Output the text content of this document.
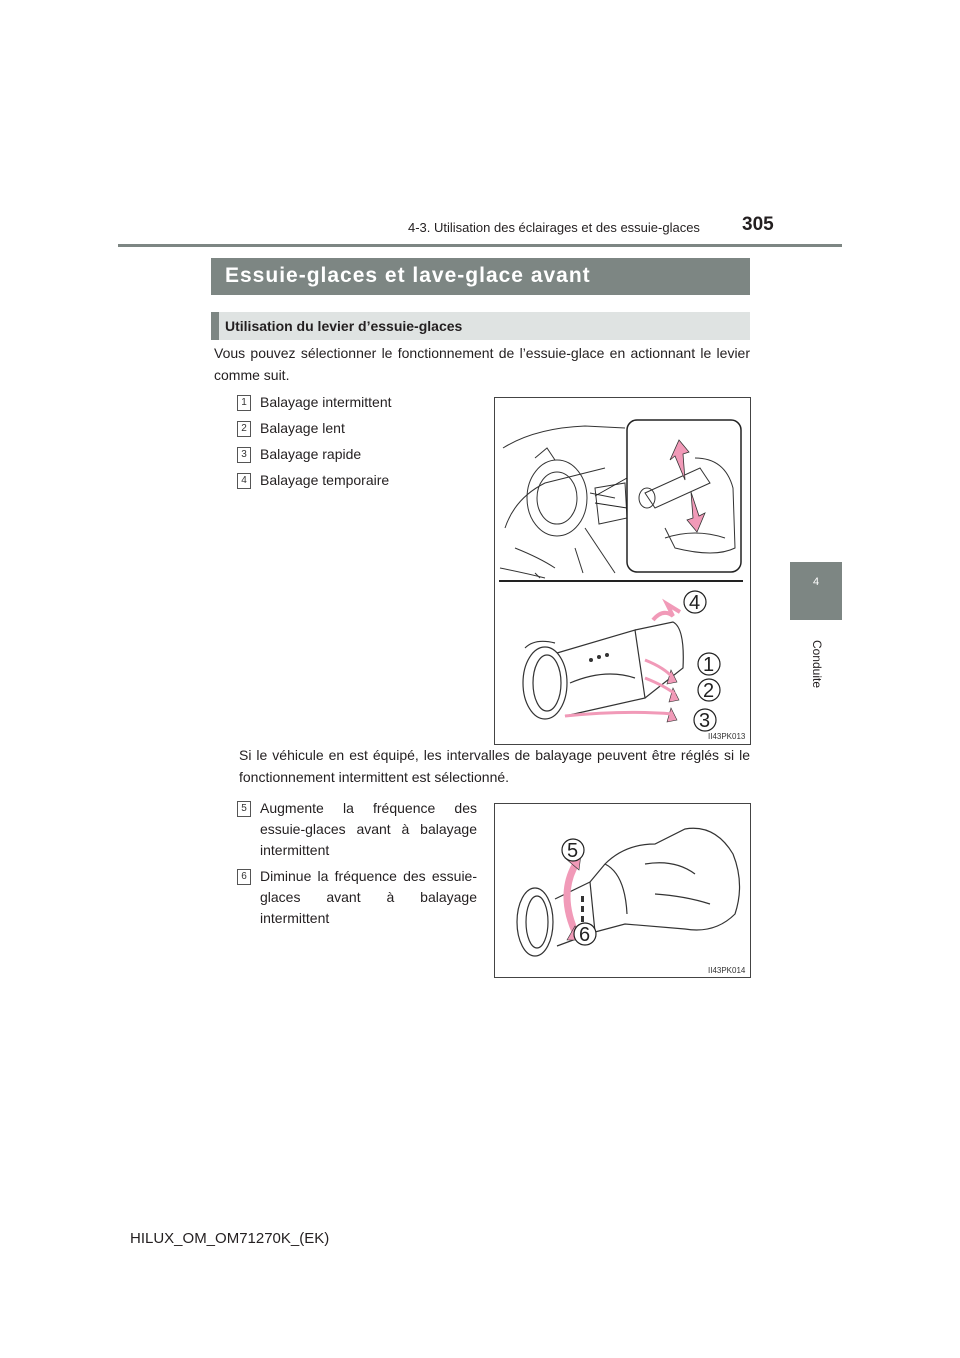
4-3. Utilisation des éclairages et des essuie-glaces 305
4
Conduite
Essuie-glaces et lave-glace avant
Utilisation du levier d’essuie-glaces
Vous pouvez sélectionner le fonctionnement de l’essuie-glace en actionnant le levier comme suit.
1 Balayage intermittent
2 Balayage lent
3 Balayage rapide
4 Balayage temporaire
4
1
2
3
II43PK013
Si le véhicule en est équipé, les intervalles de balayage peuvent être réglés si le fonctionnement intermittent est sélectionné.
5 Augmente la fréquence des essuie-glaces avant à balayage intermittent
6 Diminue la fréquence des essuie-glaces avant à balayage intermittent
5
6
II43PK014
HILUX_OM_OM71270K_(EK)
